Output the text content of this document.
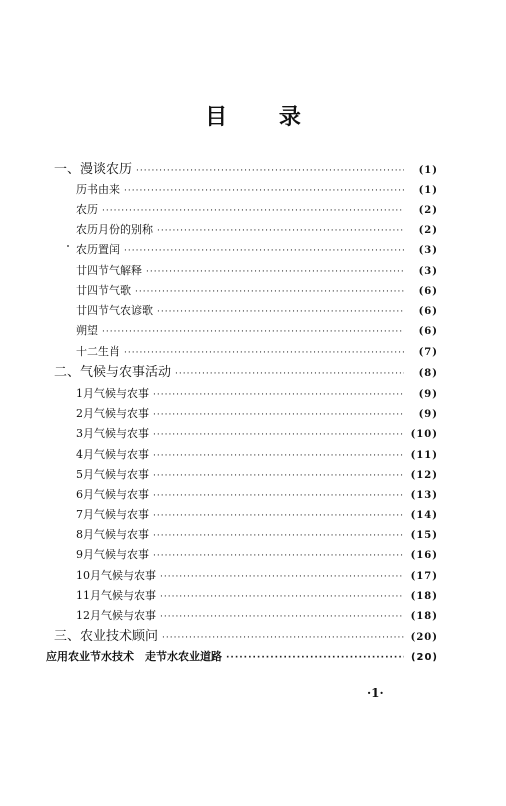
目 录
一、漫谈农历 ·····	(1)
历书由来 ·····	(1)
农历 ·····	(2)
农历月份的别称 ·····	(2)
农历置闰 ·····	(3)
廿四节气解释 ·····	(3)
廿四节气歌 ·····	(6)
廿四节气农谚歌 ·····	(6)
朔望 ·····	(6)
十二生肖 ·····	(7)
二、气候与农事活动 ·····	(8)
1月气候与农事 ·····	(9)
2月气候与农事 ·····	(9)
3月气候与农事 ·····	(10)
4月气候与农事 ·····	(11)
5月气候与农事 ·····	(12)
6月气候与农事 ·····	(13)
7月气候与农事 ·····	(14)
8月气候与农事 ·····	(15)
9月气候与农事 ·····	(16)
10月气候与农事 ·····	(17)
11月气候与农事 ·····	(18)
12月气候与农事 ·····	(18)
三、农业技术顾问 ·····	(20)
应用农业节水技术　走节水农业道路 ·····	(20)
·1·
